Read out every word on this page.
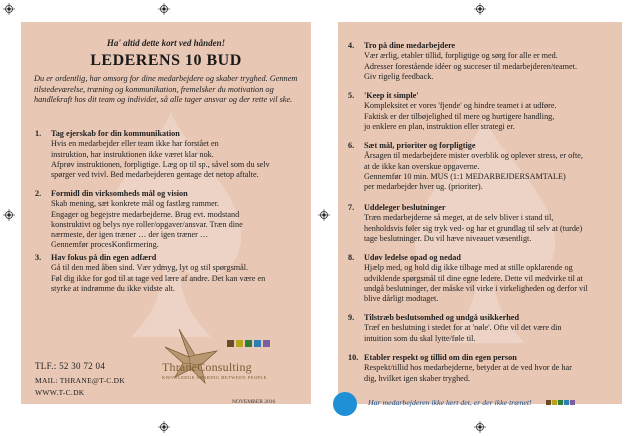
Ha' altid dette kort ved hånden!
LEDERENS 10 BUD
Du er ordentlig, har omsorg for dine medarbejdere og skaber tryghed. Gennem tilstedeværelse, træning og kommunikation, fremelsker du motivation og handlekraft hos dit team og individet, så alle tager ansvar og der rette vil ske.
1. Tag ejerskab for din kommunikation
Hvis en medarbejder eller team ikke har forstået en
instruktion, har instruktionen ikke været klar nok.
Afprøv instruktionen, forpligtige. Læg op til sp., såvel som du selv
spørger ved tvivl. Bed medarbejderen gentage det netop aftalte.
2. Formidl din virksomheds mål og vision
Skab mening, sæt konkrete mål og fastlæg rammer.
Engager og begejstre medarbejderne. Brug evt. modstand
konstruktivt og belys nye roller/opgaver/ansvar. Træn dine
nærmeste, der igen træner … der igen træner …
Gennemfør procesKonfirmering.
3. Hav fokus på din egen adfærd
Gå til den med åben sind. Vær ydmyg, lyt og stil spørgsmål.
Føl dig ikke for god til at tage ved lære af andre. Det kan være en
styrke at indrømme du ikke vidste alt.
TLF.: 52 30 72 04
MAIL: THRANE@T-C.DK
WWW.T-C.DK
ThraneConsulting
KNOWLEDGE SHARING BETWEEN PEOPLE
NOVEMBER 2016
4. Tro på dine medarbejdere
Vær ærlig, etabler tillid, forpligtige og sørg for alle er med.
Adresser forestående idéer og succeser til medarbejderen/teamet.
Giv rigelig feedback.
5. 'Keep it simple'
Kompleksitet er vores 'fjende' og hindre teamet i at udføre.
Faktisk er der tilbøjelighed til mere og hurtigere handling,
jo enklere en plan, instruktion eller strategi er.
6. Sæt mål, prioriter og forpligtige
Årsagen til medarbejdere mister overblik og oplever stress, er ofte,
at de ikke kan overskue opgaverne.
Gennemfør 10 min. MUS (1:1 MEDARBEJDERSAMTALE)
per medarbejder hver ug. (prioriter).
7. Uddeleger beslutninger
Træn medarbejderne så meget, at de selv bliver i stand til,
henholdsvis føler sig tryk ved- og har et grundlag til selv at (turde)
tage beslutninger. Du vil hæve niveauet væsentligt.
8. Udøv ledelse opad og nedad
Hjælp med, og hold dig ikke tilbage med at stille opklarende og
udviklende spørgsmål til dine egne ledere. Dette vil medvirke til at
undgå beslutninger, der måske vil virke i virkeligheden og derfor vil
blive dårligt modtaget.
9. Tilstræb beslutsomhed og undgå usikkerhed
Træf en beslutning i stedet for at 'nøle'. Ofte vil det være din
intuition som du skal lytte/føle til.
10. Etabler respekt og tillid om din egen person
Respekt/tillid hos medarbejderne, betyder at de ved hvor de har
dig, hvilket igen skaber tryghed.
Har medarbejderen ikke lært det, er der ikke trænet!
